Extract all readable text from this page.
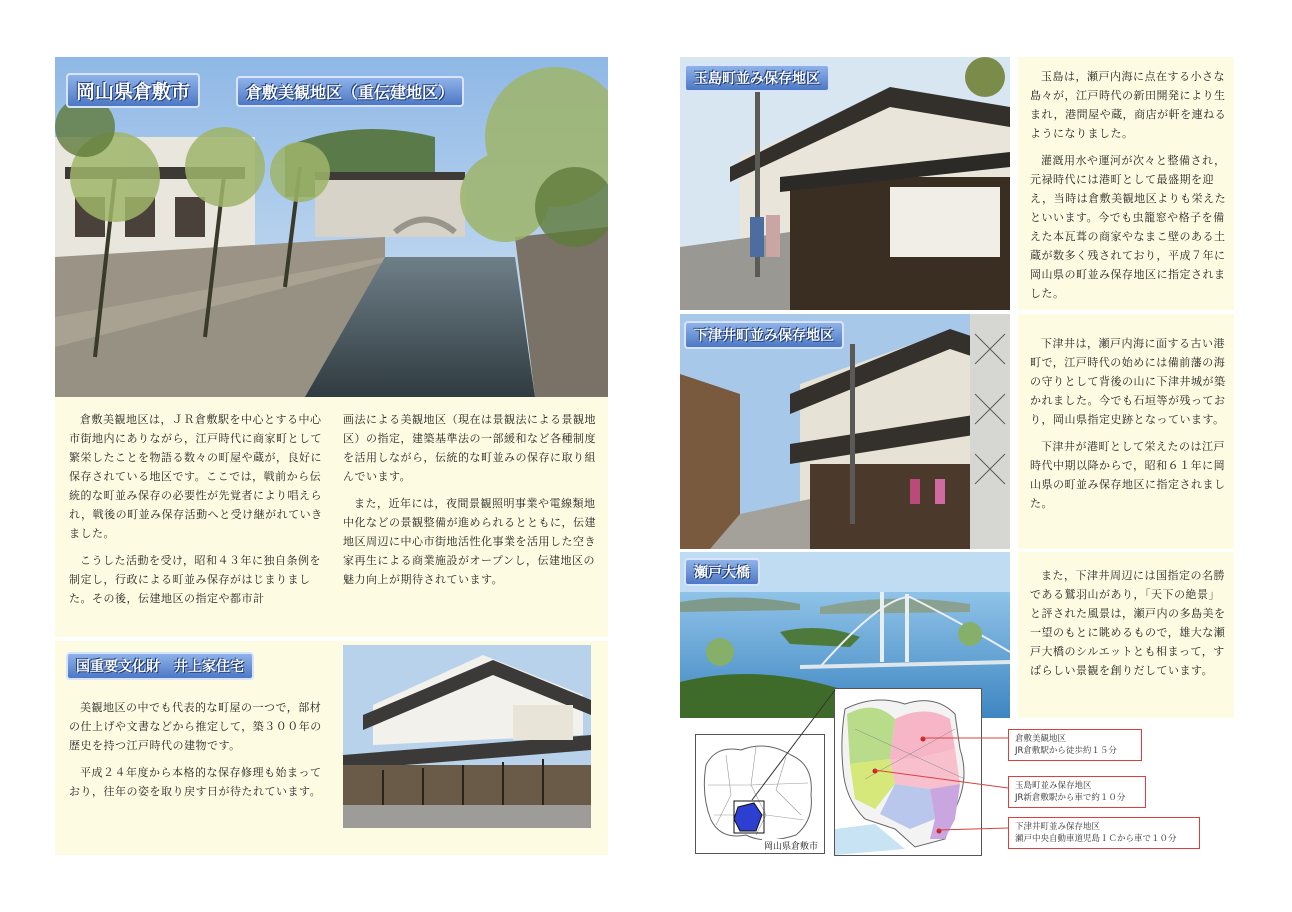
岡山県倉敷市	倉敷美観地区（重伝建地区）

倉敷美観地区は，ＪＲ倉敷駅を中心とする中心市街地内にありながら，江戸時代に商家町として繁栄したことを物語る数々の町屋や蔵が，良好に保存されている地区です。ここでは，戦前から伝統的な町並み保存の必要性が先覚者により唱えられ，戦後の町並み保存活動へと受け継がれていきました。

こうした活動を受け，昭和４３年に独自条例を制定し，行政による町並み保存がはじまりました。その後，伝建地区の指定や都市計

画法による美観地区（現在は景観法による景観地区）の指定，建築基準法の一部緩和など各種制度を活用しながら，伝統的な町並みの保存に取り組んでいます。

また，近年には，夜間景観照明事業や電線類地中化などの景観整備が進められるとともに，伝建地区周辺に中心市街地活性化事業を活用した空き家再生による商業施設がオープンし，伝建地区の魅力向上が期待されています。

国重要文化財　井上家住宅

美観地区の中でも代表的な町屋の一つで，部材の仕上げや文書などから推定して，築３００年の歴史を持つ江戸時代の建物です。

平成２４年度から本格的な保存修理も始まっており，往年の姿を取り戻す日が待たれています。

玉島町並み保存地区	玉島は，瀬戸内海に点在する小さな島々が，江戸時代の新田開発により生まれ，港問屋や蔵，商店が軒を連ねるようになりました。

灌漑用水や運河が次々と整備され，元禄時代には港町として最盛期を迎え，当時は倉敷美観地区よりも栄えたといいます。今でも虫籠窓や格子を備えた本瓦葺の商家やなまこ壁のある土蔵が数多く残されており，平成７年に岡山県の町並み保存地区に指定されました。

下津井町並み保存地区	下津井は，瀬戸内海に面する古い港町で，江戸時代の始めには備前藩の海の守りとして背後の山に下津井城が築かれました。今でも石垣等が残っており，岡山県指定史跡となっています。

下津井が港町として栄えたのは江戸時代中期以降からで，昭和６１年に岡山県の町並み保存地区に指定されました。

瀬戸大橋	また，下津井周辺には国指定の名勝である鷲羽山があり，「天下の絶景」と評された風景は，瀬戸内の多島美を一望のもとに眺めるもので，雄大な瀬戸大橋のシルエットとも相まって，すばらしい景観を創りだしています。

岡山県倉敷市
倉敷美観地区
JR倉敷駅から徒歩約１５分
玉島町並み保存地区
JR新倉敷駅から車で約１０分
下津井町並み保存地区
瀬戸中央自動車道児島ＩＣから車で１０分
